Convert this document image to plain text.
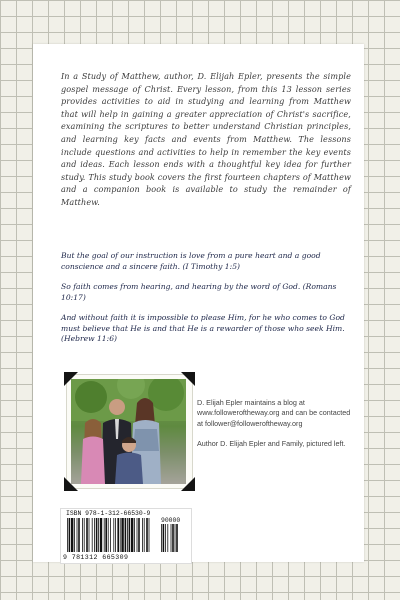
In a Study of Matthew, author, D. Elijah Epler, presents the simple gospel message of Christ. Every lesson, from this 13 lesson series provides activities to aid in studying and learning from Matthew that will help in gaining a greater appreciation of Christ's sacrifice, examining the scriptures to better understand Christian principles, and learning key facts and events from Matthew. The lessons include questions and activities to help in remember the key events and ideas. Each lesson ends with a thoughtful key idea for further study. This study book covers the first fourteen chapters of Matthew and a companion book is available to study the remainder of Matthew.

But the goal of our instruction is love from a pure heart and a good conscience and a sincere faith. (I Timothy 1:5)

So faith comes from hearing, and hearing by the word of God. (Romans 10:17)

And without faith it is impossible to please Him, for he who comes to God must believe that He is and that He is a rewarder of those who seek Him. (Hebrew 11:6)

D. Elijah Epler maintains a blog at www.followeroftheway.org and can be contacted at follower@followeroftheway.org

Author D. Elijah Epler and Family, pictured left.

ISBN 978-1-312-66530-9

90000

9 781312 665309
